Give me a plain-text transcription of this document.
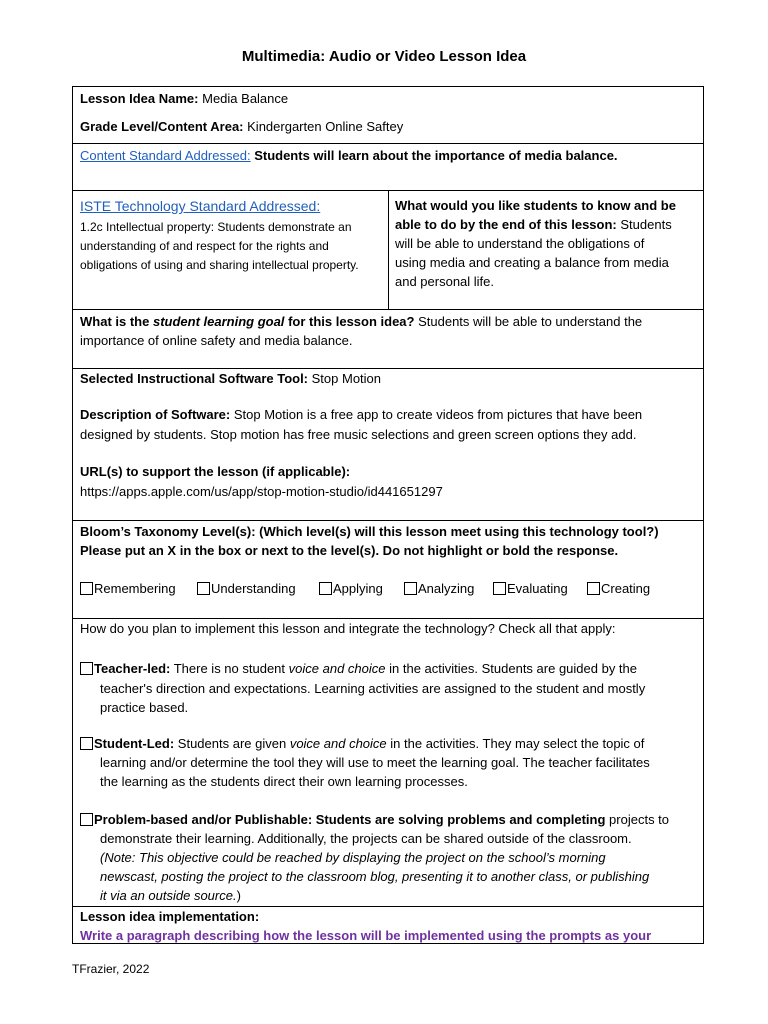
Multimedia: Audio or Video Lesson Idea
Lesson Idea Name: Media Balance
Grade Level/Content Area: Kindergarten Online Saftey
Content Standard Addressed: Students will learn about the importance of media balance.
ISTE Technology Standard Addressed:
1.2c Intellectual property: Students demonstrate an
understanding of and respect for the rights and
obligations of using and sharing intellectual property.
What would you like students to know and be
able to do by the end of this lesson: Students
will be able to understand the obligations of
using media and creating a balance from media
and personal life.
What is the student learning goal for this lesson idea? Students will be able to understand the
importance of online safety and media balance.
Selected Instructional Software Tool: Stop Motion
Description of Software: Stop Motion is a free app to create videos from pictures that have been
designed by students. Stop motion has free music selections and green screen options they add.
URL(s) to support the lesson (if applicable):
https://apps.apple.com/us/app/stop-motion-studio/id441651297
Bloom’s Taxonomy Level(s): (Which level(s) will this lesson meet using this technology tool?)
Please put an X in the box or next to the level(s). Do not highlight or bold the response.
Remembering	Understanding	Applying	Analyzing	Evaluating	Creating
How do you plan to implement this lesson and integrate the technology? Check all that apply:
Teacher-led: There is no student voice and choice in the activities. Students are guided by the
teacher's direction and expectations. Learning activities are assigned to the student and mostly
practice based.
Student-Led: Students are given voice and choice in the activities. They may select the topic of
learning and/or determine the tool they will use to meet the learning goal. The teacher facilitates
the learning as the students direct their own learning processes.
Problem-based and/or Publishable: Students are solving problems and completing projects to
demonstrate their learning. Additionally, the projects can be shared outside of the classroom.
(Note: This objective could be reached by displaying the project on the school’s morning
newscast, posting the project to the classroom blog, presenting it to another class, or publishing
it via an outside source.)
Lesson idea implementation:
Write a paragraph describing how the lesson will be implemented using the prompts as your
TFrazier, 2022
